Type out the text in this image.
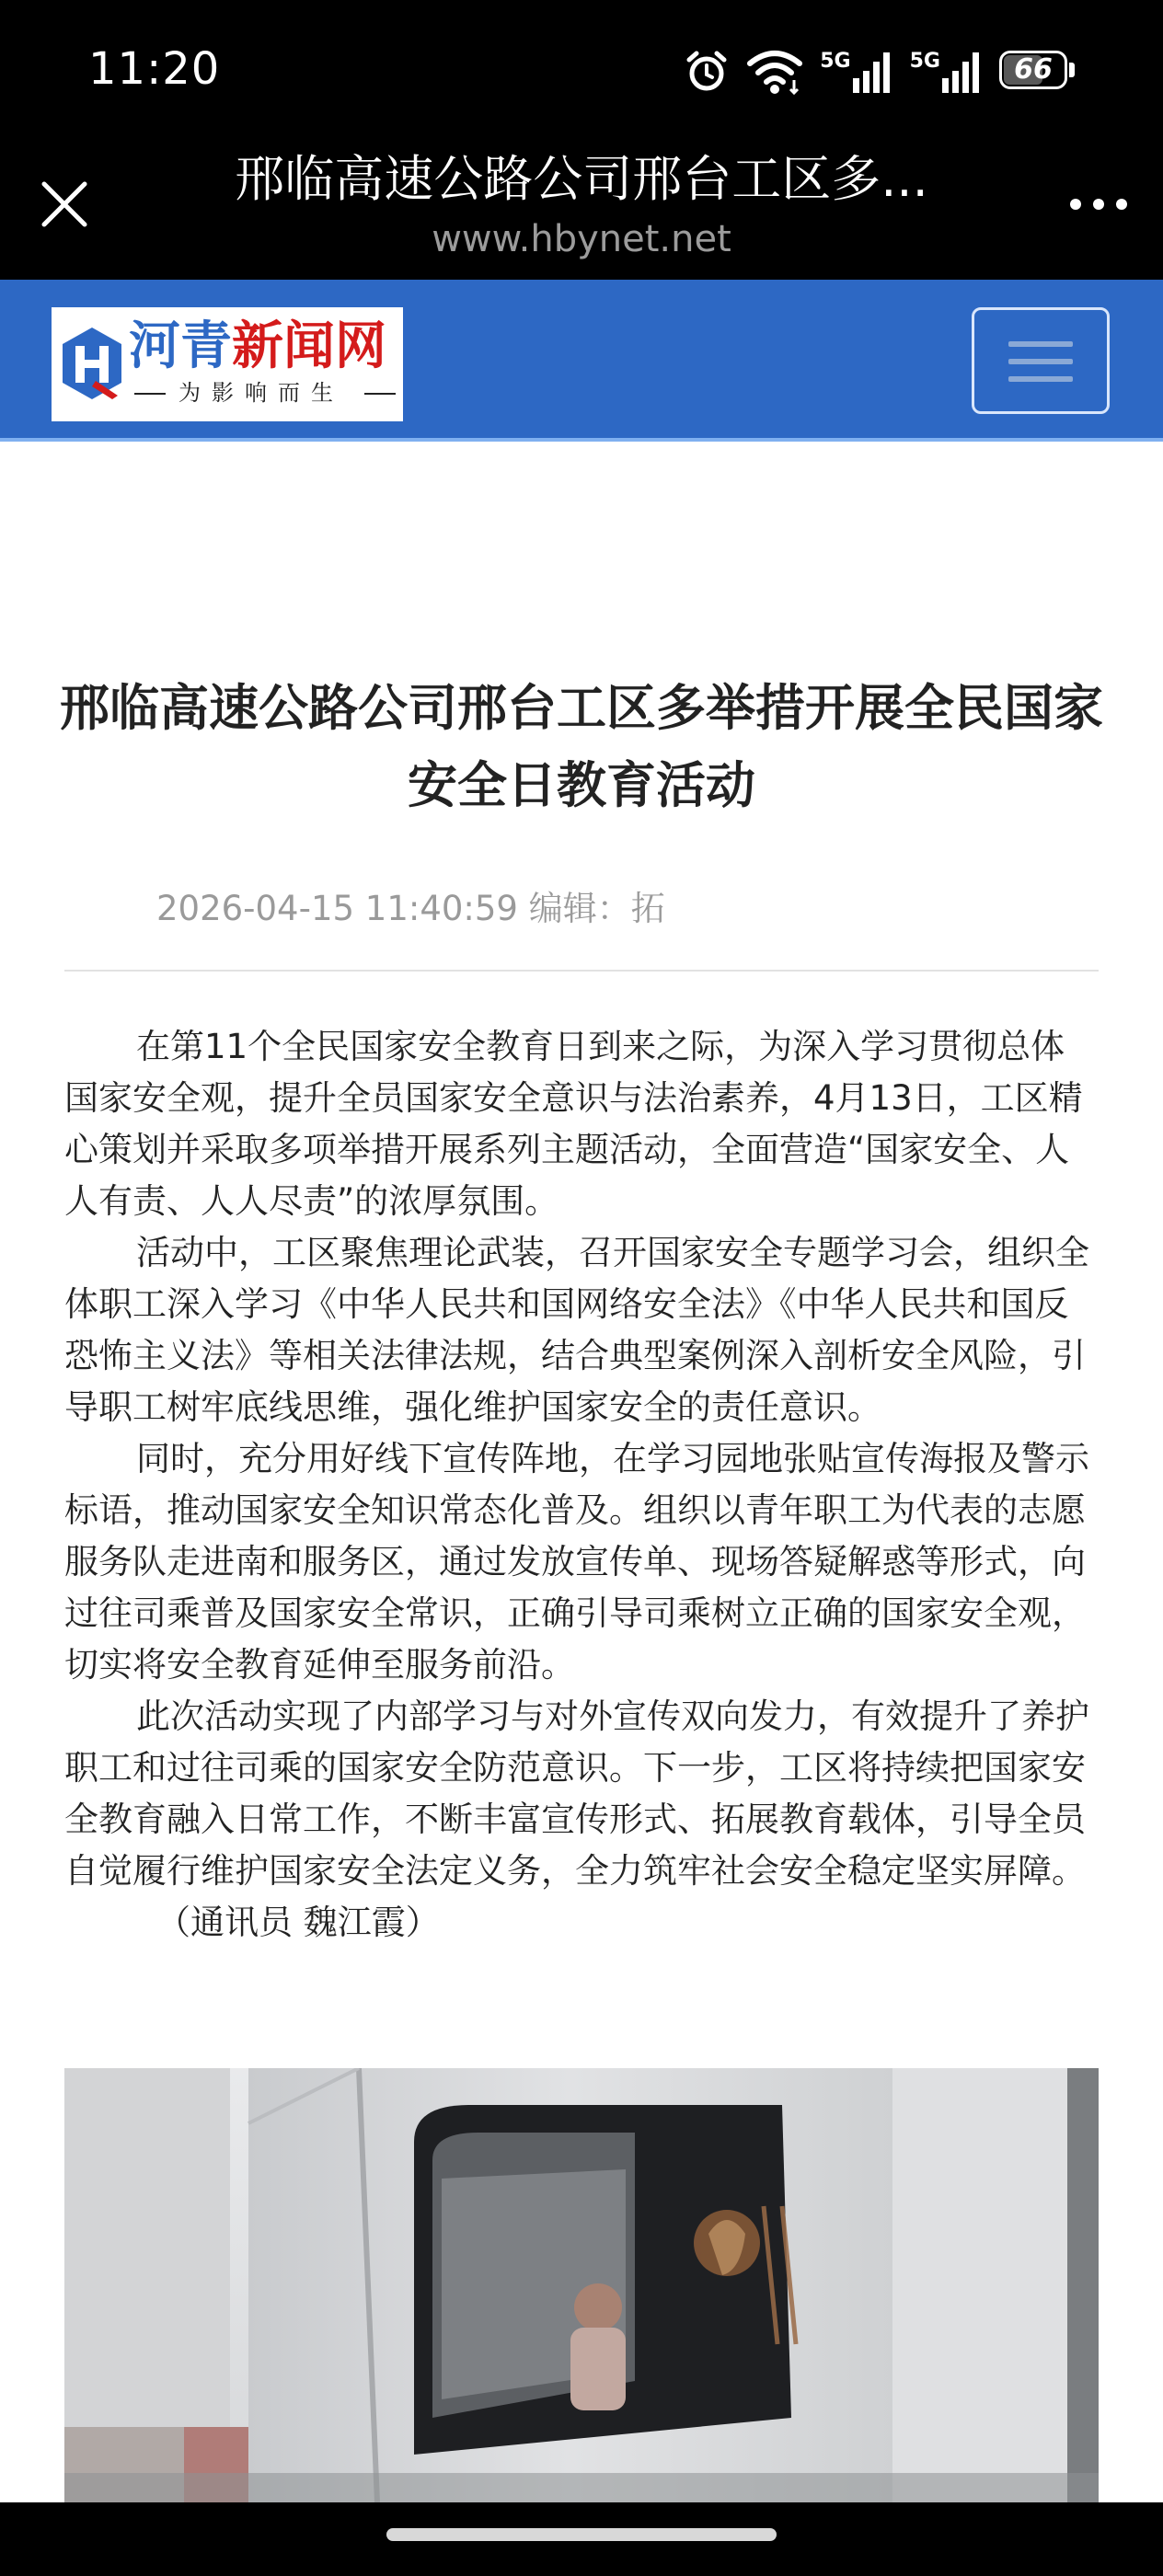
11:20	5G	5G	66
邢临高速公路公司邢台工区多...
www.hbynet.net
河青新闻网
为影响而生
邢临高速公路公司邢台工区多举措开展全民国家安全日教育活动
2026-04-15 11:40:59 编辑：拓

在第11个全民国家安全教育日到来之际，为深入学习贯彻总体国家安全观，提升全员国家安全意识与法治素养，4月13日，工区精心策划并采取多项举措开展系列主题活动，全面营造“国家安全、人人有责、人人尽责”的浓厚氛围。

活动中，工区聚焦理论武装，召开国家安全专题学习会，组织全体职工深入学习《中华人民共和国网络安全法》《中华人民共和国反恐怖主义法》等相关法律法规，结合典型案例深入剖析安全风险，引导职工树牢底线思维，强化维护国家安全的责任意识。

同时，充分用好线下宣传阵地，在学习园地张贴宣传海报及警示标语，推动国家安全知识常态化普及。组织以青年职工为代表的志愿服务队走进南和服务区，通过发放宣传单、现场答疑解惑等形式，向过往司乘普及国家安全常识，正确引导司乘树立正确的国家安全观，切实将安全教育延伸至服务前沿。

此次活动实现了内部学习与对外宣传双向发力，有效提升了养护职工和过往司乘的国家安全防范意识。下一步，工区将持续把国家安全教育融入日常工作，不断丰富宣传形式、拓展教育载体，引导全员自觉履行维护国家安全法定义务，全力筑牢社会安全稳定坚实屏障。

（通讯员 魏江霞）
